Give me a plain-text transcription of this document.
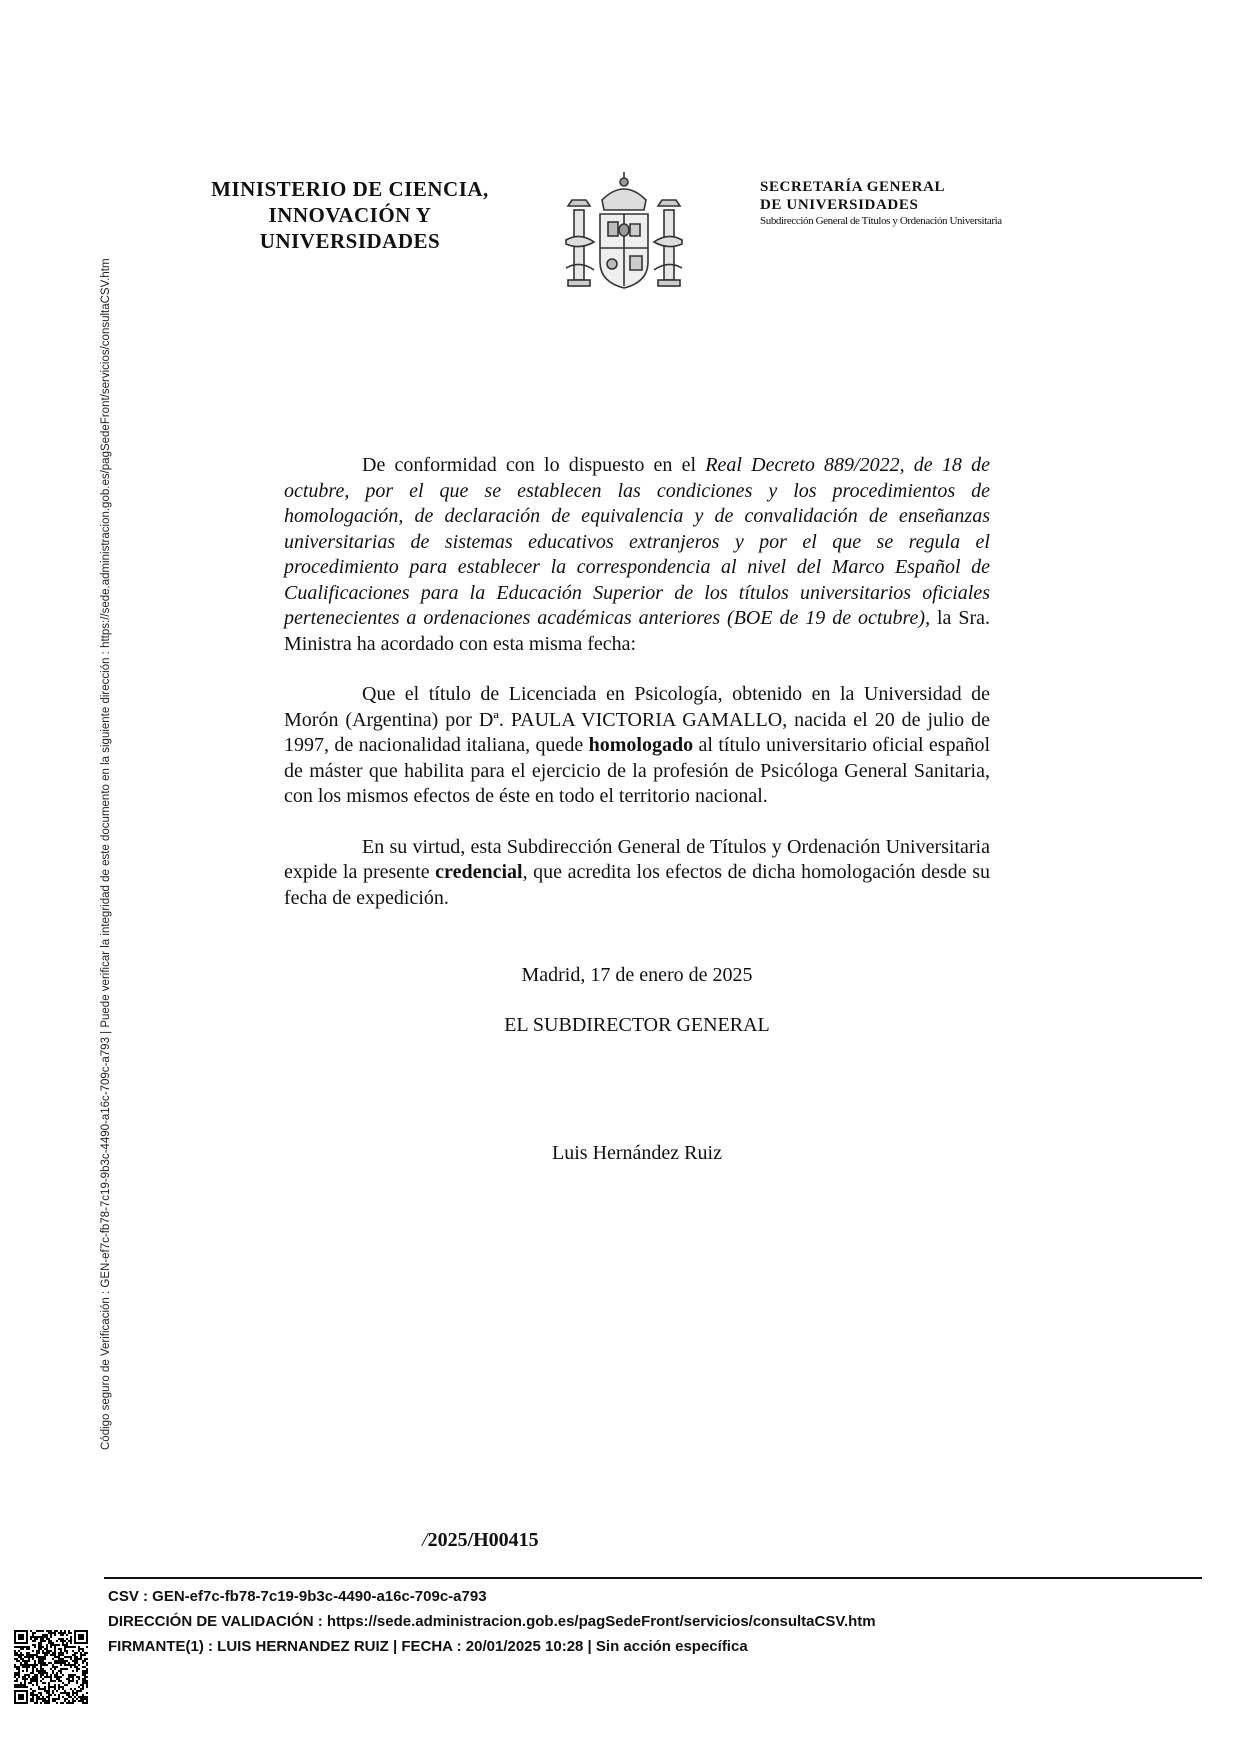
MINISTERIO DE CIENCIA,
INNOVACIÓN Y
UNIVERSIDADES
SECRETARÍA GENERAL
DE UNIVERSIDADES
Subdirección General de Títulos y Ordenación Universitaria
Código seguro de Verificación : GEN-ef7c-fb78-7c19-9b3c-4490-a16c-709c-a793 | Puede verificar la integridad de este documento en la siguiente dirección : https://sede.administracion.gob.es/pagSedeFront/servicios/consultaCSV.htm	De conformidad con lo dispuesto en el Real Decreto 889/2022, de 18 de octubre, por el que se establecen las condiciones y los procedimientos de homologación, de declaración de equivalencia y de convalidación de enseñanzas universitarias de sistemas educativos extranjeros y por el que se regula el procedimiento para establecer la correspondencia al nivel del Marco Español de Cualificaciones para la Educación Superior de los títulos universitarios oficiales pertenecientes a ordenaciones académicas anteriores (BOE de 19 de octubre), la Sra. Ministra ha acordado con esta misma fecha:

Que el título de Licenciada en Psicología, obtenido en la Universidad de Morón (Argentina) por Dª. PAULA VICTORIA GAMALLO, nacida el 20 de julio de 1997, de nacionalidad italiana, quede homologado al título universitario oficial español de máster que habilita para el ejercicio de la profesión de Psicóloga General Sanitaria, con los mismos efectos de éste en todo el territorio nacional.

En su virtud, esta Subdirección General de Títulos y Ordenación Universitaria expide la presente credencial, que acredita los efectos de dicha homologación desde su fecha de expedición.

Madrid, 17 de enero de 2025
EL SUBDIRECTOR GENERAL
Luis Hernández Ruiz
/2025/H00415
CSV : GEN-ef7c-fb78-7c19-9b3c-4490-a16c-709c-a793
DIRECCIÓN DE VALIDACIÓN : https://sede.administracion.gob.es/pagSedeFront/servicios/consultaCSV.htm
FIRMANTE(1) : LUIS HERNANDEZ RUIZ | FECHA : 20/01/2025 10:28 | Sin acción específica
